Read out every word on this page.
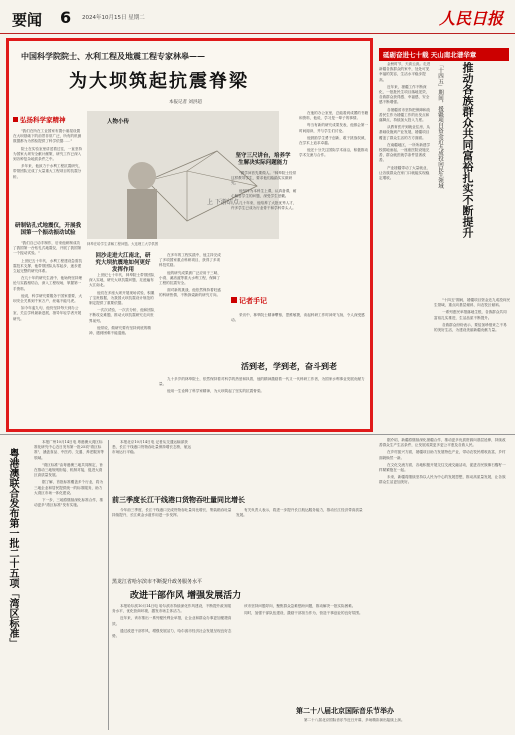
要闻 6 2024年10月15日 星期二	人民日报
中国科学院院士、水利工程及地震工程专家林皋——
为大坝筑起抗震脊梁
本报记者 刘洪超
弘扬科学家精神
"我们在所在工业国家布置小朋屋设置在大坝基础下的前景非常广泛，所有的机测数据都为为预检提供了科学依据……"
院士在实验室里讲述着过往，一直坚持为国家大坝安全献计献策，研究工作已深入到各种复杂地质条件之中。
多年来，他致力于水利工程抗震研究，带领团队完成了大量重大工程项目的抗震分析。
研制钻孔式地震仪，开展我国第一个振动振动试验
"我们自己动手制作，后来他研制成功了我国第一台钻孔式地震仪，开展了我国第一个振动试验。"
上世纪五十年代，水利工程建设急需抗震技术支撑，他带领团队从零起步，逐步建立起完整的研究体系。
在几十年的研究生涯中，他始终坚持理论与实践相结合，深入工程现场，掌握第一手资料。
他说，科学研究要服务于国家需要，大坝安全关系到千家万户，丝毫不能马虎。
如今年逾九旬，他仍坚持每天到办公室，关注学科最新进展，指导年轻学者开展研究。
上 下游结点
人物小传
林皋在给学生讲解工程问题。大连理工大学供图
回沙走进大江南北，研究大坝抗震地如何更好发挥作用
上世纪七十年代，林皋院士带领团队深入实地，研究大坝抗震问题，足迹遍布大江南北。
他们在多座大坝开展现场试验，积累了宝贵数据，为我国大坝抗震设计规范的制定提供了重要依据。
一次次试验，一次次分析，他和团队不断攻克难题，推动大坝抗震研究走向世界前列。
他常说，做研究要有坚持到底的精神，遇到困难不能退缩。
在多年的工程实践中，他主持完成了多项国家重点科研项目，获得了多项科技奖励。
他的研究成果被广泛应用于三峡、小湾、溪洛渡等重大水利工程，保障了工程的抗震安全。
面对新的挑战，他依然保持着旺盛的科研热情，不断探索新的研究方向。
坚守三尺讲台，培养学生解决实际问题能力
"做学问首先要做人。"林皋院士经常这样教导学生，要求他们踏踏实实做研究。
他坚持为本科生上课，认真备课，耐心解答学生的问题，深受学生爱戴。
几十年来，他培养了大批优秀人才，许多学生已成为行业骨干和学科带头人。
在他的办公室里，总能看到成摞的书籍和资料，他说，学习是一辈子的事情。
每当有新的研究成果发表，他都会第一时间阅读，并与学生们讨论。
他鼓励学生勇于创新，敢于挑战权威，在学术上追求卓越。
他还十分关注国际学术前沿，积极推动学术交流与合作。
记者手记
采访中，林皋院士精神矍铄，思维敏捷，谈起科研工作时神采飞扬，令人深受感动。
活到老，学到老，奋斗到老
九十多岁的林皋院士，依然保持着对科学的热爱和执着，他的精神激励着一代又一代科研工作者，为国家水利事业发展贡献力量。
他用一生诠释了科学家精神，为大坝筑起了坚实的抗震脊梁。
砥砺奋进七十载 天山南北谱华章
金秋时节，天高云淡。走进新疆各族群众的家中，处处可见幸福的笑容，生活水平稳步提高。
近年来，援疆工作不断深化，一批批民生项目落地见效，各族群众获得感、幸福感、安全感不断增强。
各援疆省市坚持把保障和改善民生作为援疆工作的出发点和落脚点，持续加大投入力度。
从教育医疗到就业住房，从基础设施到产业发展，援疆项目覆盖了群众生活的方方面面。
在南疆地区，一所所新建学校拔地而起，一座座医院设施完善，群众就医就学条件显著改善。
产业援疆带动了大量就业，让各族群众在家门口就能实现稳定增收。	推动各族群众共同富裕扎实不断提升
「十四五」期间，援疆项目资金近九成投向民生领域
"十四五"期间，援疆项目资金近九成投向民生领域，重点向基层倾斜，向农牧区倾斜。
一系列惠民举措落地生根，各族群众共同富裕扎实推进，生活品质不断提升。
各族群众纷纷表示，要倍加珍惜来之不易的美好生活，为建设美丽新疆贡献力量。
据介绍，新疆将继续深化援疆合作，推动更多优质资源向基层延伸，持续改善群众生产生活条件，让发展成果更多更公平惠及各族人民。
在乡村振兴方面，援疆项目助力发展特色产业，带动农牧民增收致富，乡村面貌焕然一新。
在文化交流方面，各地积极开展交往交流交融活动，促进各民族像石榴籽一样紧紧抱在一起。
未来，新疆将继续坚持以人民为中心的发展思想，推动高质量发展，让各族群众生活更加美好。
粤港澳联合发布第一批二十五项「湾区标准」
本报广州10月14日电 粤港澳大湾区标准化研究中心近日发布第一批25项"湾区标准"，涵盖食品、中医药、交通、养老服务等领域。
"湾区标准"由粤港澳三地共同制定，旨在推动三地规则衔接、机制对接，促进大湾区高质量发展。
据了解，首批标准覆盖多个行业，将为三地企业和居民提供统一的标准服务，助力大湾区市场一体化建设。
下一步，三地将继续深化标准合作，推动更多"湾区标准"发布实施。
本报北京10月14日电 记者从交通运输部获悉，长江干线港口货物吞吐量保持增长态势，航运市场运行平稳。
前三季度长江干线港口货物吞吐量同比增长
今年前三季度，长江干线港口完成货物吞吐量同比增长，集装箱吞吐量持续提升，长江黄金水道作用进一步发挥。
有关负责人表示，将进一步提升长江航运服务能力，推动长江经济带高质量发展。
黑龙江省哈尔滨市不断提升政务服务水平
改进干部作风 增强发展活力
本报哈尔滨10月14日电 哈尔滨市持续深化作风建设，不断提升政务服务水平，优化营商环境，激发市场主体活力。
近年来，该市推出一系列便民利企举措，让企业和群众办事更加便捷高效。
通过改进干部作风，增强发展活力，哈尔滨市经济社会发展呈现良好态势。
该市坚持问题导向，聚焦群众急难愁盼问题，推动解决一批实际困难。
同时，加强干部队伍建设，激励干部担当作为，营造干事创业的良好氛围。
第二十八届北京国际音乐节举办
第二十八届北京国际音乐节近日开幕，多场精彩演出陆续上演。
